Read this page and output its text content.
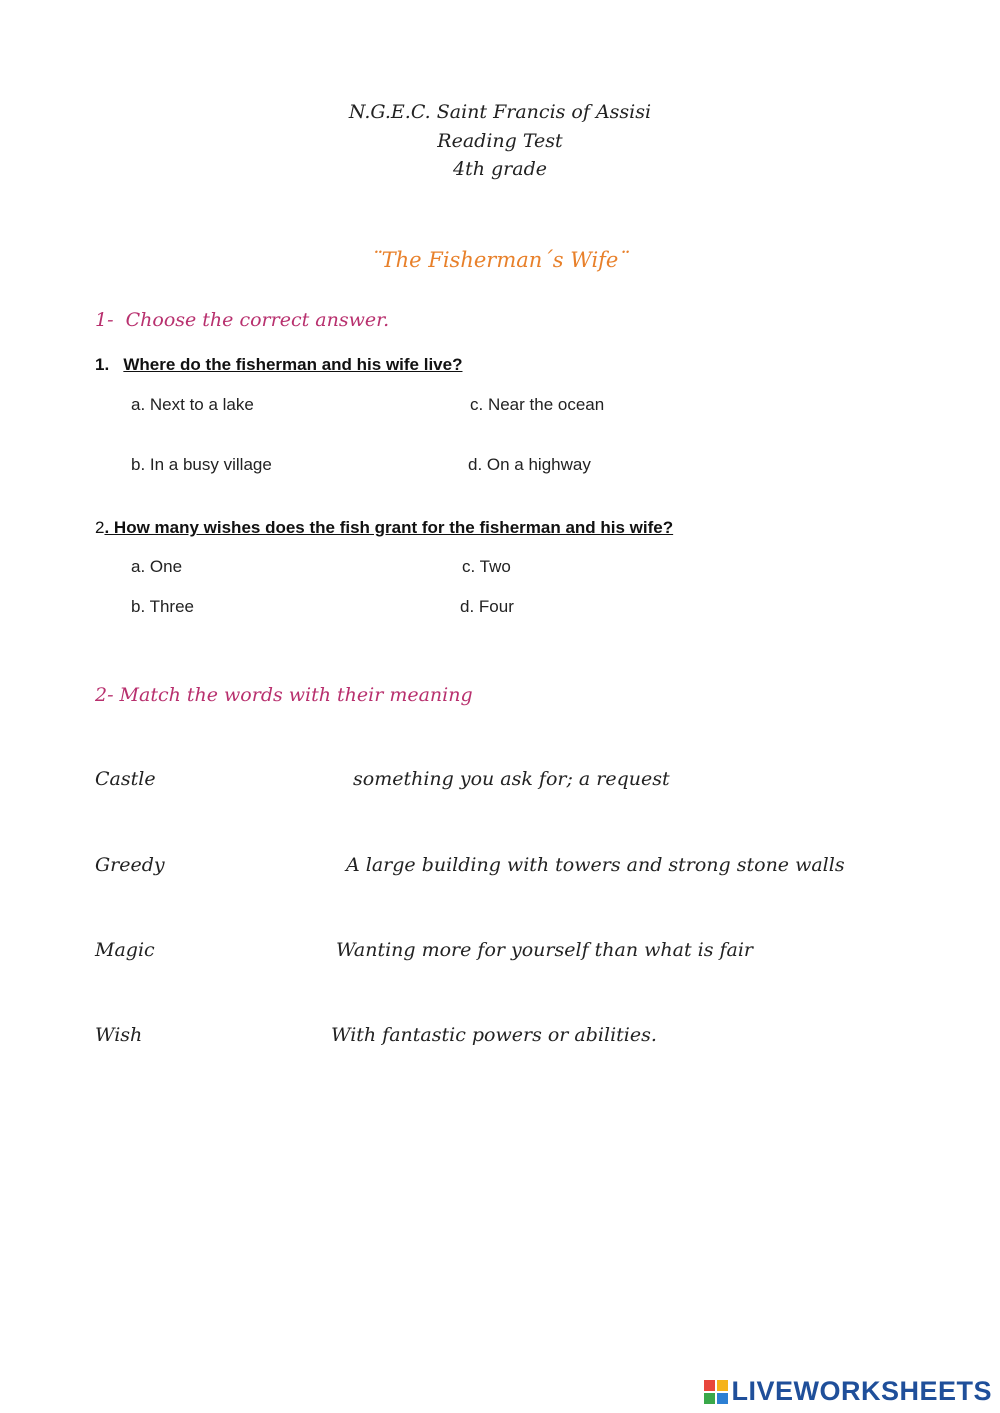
N.G.E.C. Saint Francis of Assisi
Reading Test
4th grade
¨The Fisherman´s Wife¨
1- Choose the correct answer.
1. Where do the fisherman and his wife live?
a. Next to a lake	c. Near the ocean
b. In a busy village	d. On a highway
2. How many wishes does the fish grant for the fisherman and his wife?
a. One	c. Two
b. Three	d. Four
2- Match the words with their meaning
Castle	something you ask for; a request
Greedy	A large building with towers and strong stone walls
Magic	Wanting more for yourself than what is fair
Wish	With fantastic powers or abilities.
LIVEWORKSHEETS
